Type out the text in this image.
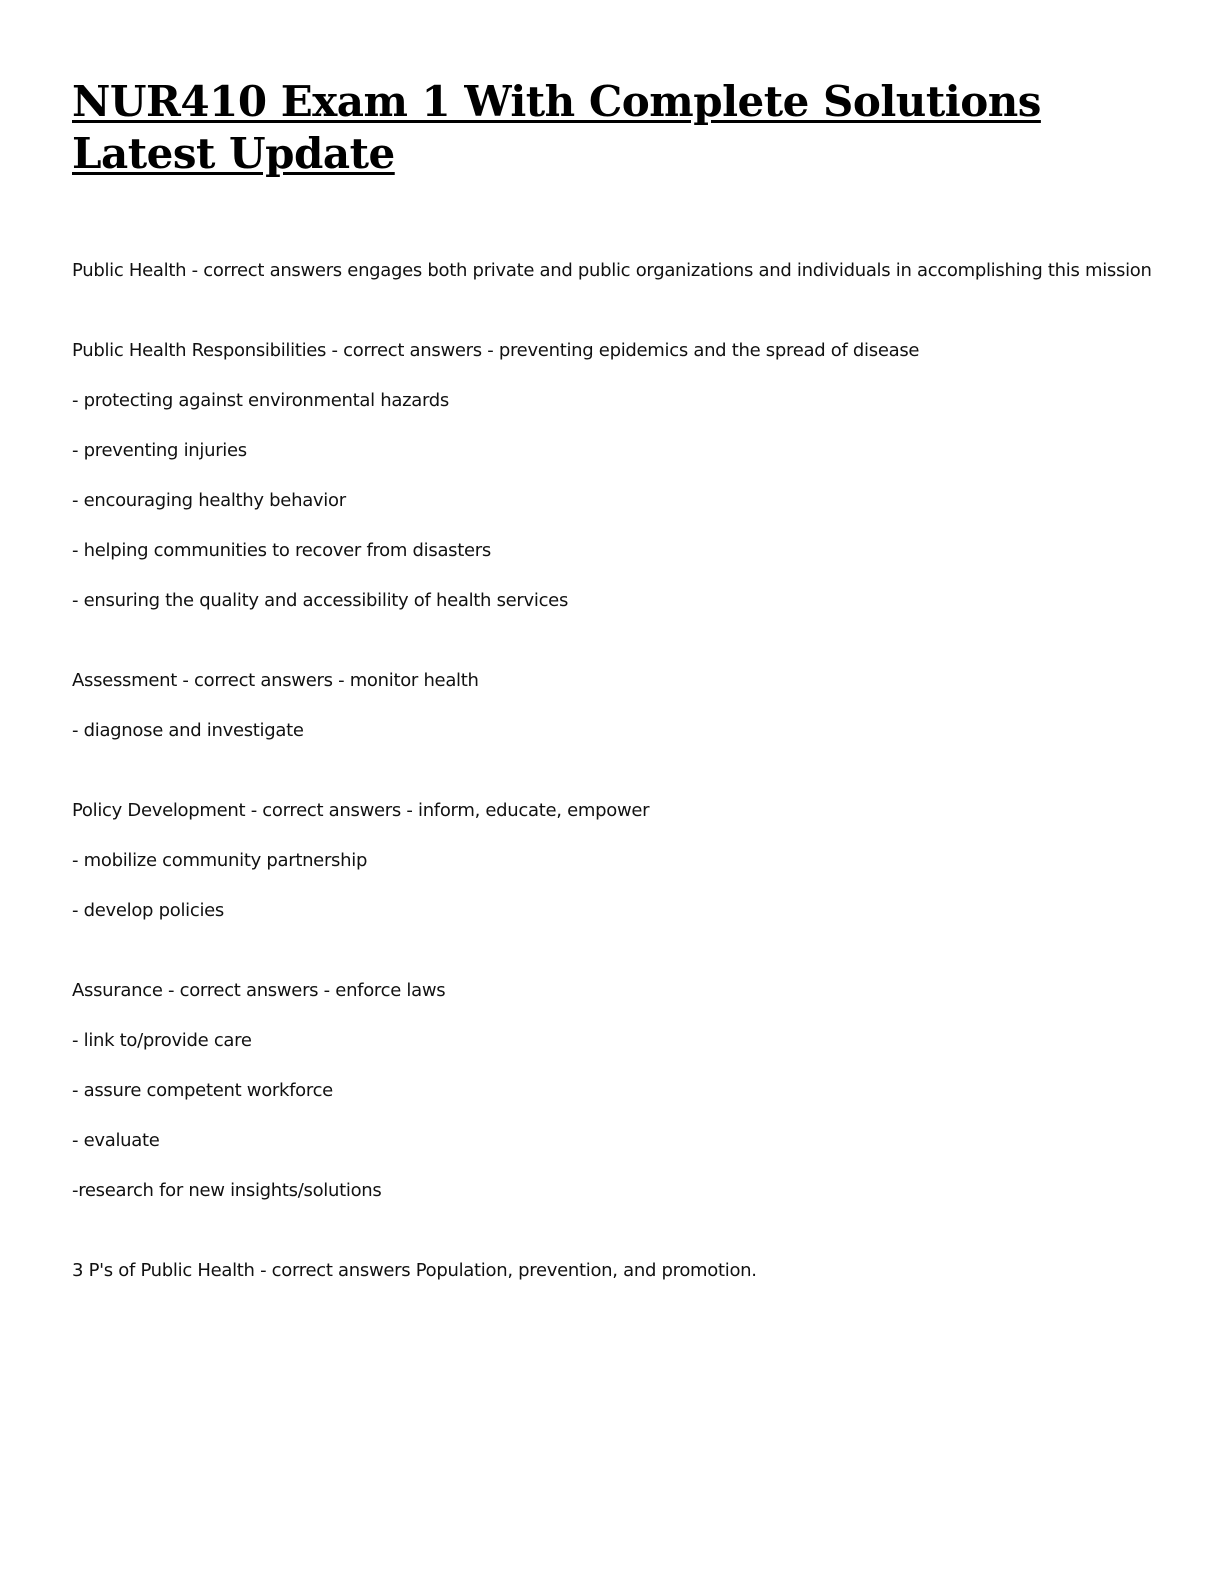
NUR410 Exam 1 With Complete Solutions Latest Update
Public Health - correct answers engages both private and public organizations and individuals in accomplishing this mission
Public Health Responsibilities - correct answers - preventing epidemics and the spread of disease
- protecting against environmental hazards
- preventing injuries
- encouraging healthy behavior
- helping communities to recover from disasters
- ensuring the quality and accessibility of health services
Assessment - correct answers - monitor health
- diagnose and investigate
Policy Development - correct answers - inform, educate, empower
- mobilize community partnership
- develop policies
Assurance - correct answers - enforce laws
- link to/provide care
- assure competent workforce
- evaluate
-research for new insights/solutions
3 P's of Public Health - correct answers Population, prevention, and promotion.
